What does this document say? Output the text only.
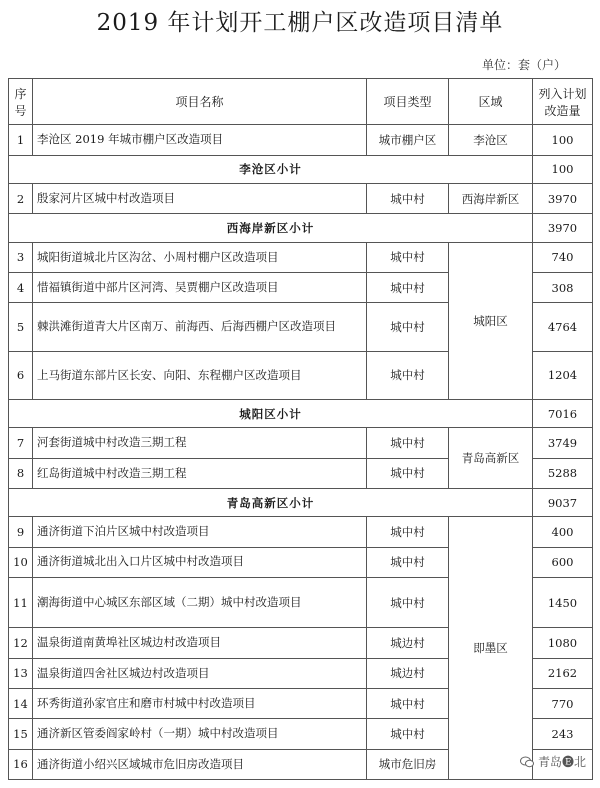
2019 年计划开工棚户区改造项目清单
单位：套（户）
序号	项目名称	项目类型	区域	列入计划改造量
1	李沧区 2019 年城市棚户区改造项目	城市棚户区	李沧区	100
李沧区小计				100
2	殷家河片区城中村改造项目	城中村	西海岸新区	3970
西海岸新区小计				3970
3	城阳街道城北片区沟岔、小周村棚户区改造项目	城中村	城阳区	740
4	惜福镇街道中部片区河湾、吴贾棚户区改造项目	城中村		308
5	棘洪滩街道青大片区南万、前海西、后海西棚户区改造项目	城中村		4764
6	上马街道东部片区长安、向阳、东程棚户区改造项目	城中村		1204
城阳区小计				7016
7	河套街道城中村改造三期工程	城中村	青岛高新区	3749
8	红岛街道城中村改造三期工程	城中村		5288
青岛高新区小计				9037
9	通济街道下泊片区城中村改造项目	城中村	即墨区	400
10	通济街道城北出入口片区城中村改造项目	城中村		600
11	潮海街道中心城区东部区域（二期）城中村改造项目	城中村		1450
12	温泉街道南黄埠社区城边村改造项目	城边村		1080
13	温泉街道四舍社区城边村改造项目	城边村		2162
14	环秀街道孙家官庄和磨市村城中村改造项目	城中村		770
15	通济新区管委阎家岭村（一期）城中村改造项目	城中村		243
16	通济街道小绍兴区域城市危旧房改造项目	城市危旧房			青岛🅔北
